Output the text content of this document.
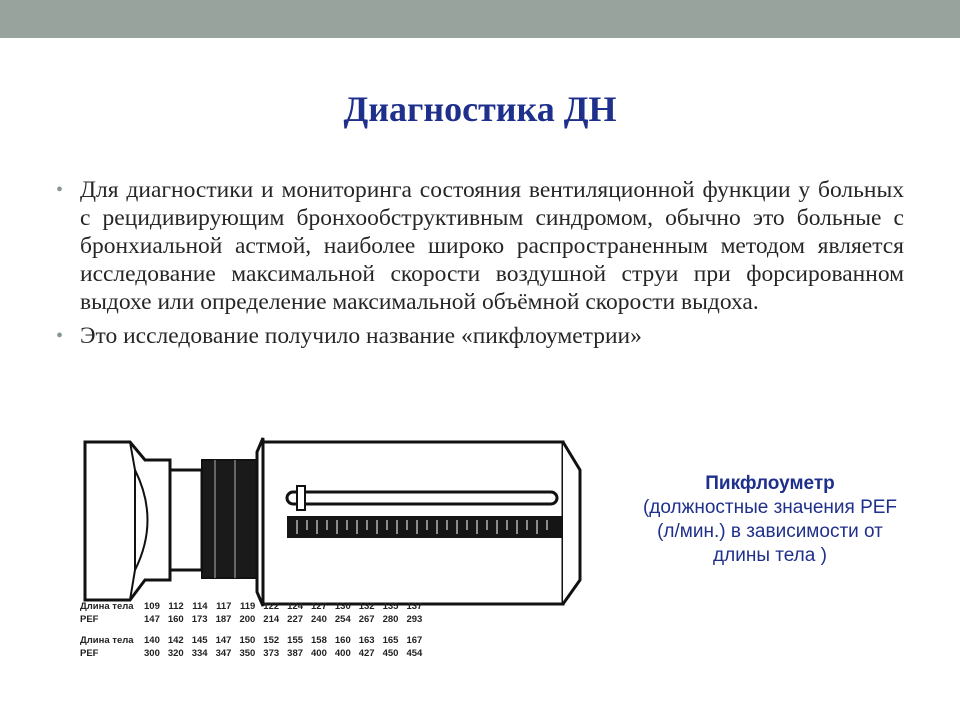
Диагностика ДН
• Для диагностики и мониторинга состояния вентиляционной функции у больных с рецидивирующим бронхообструктивным синдромом, обычно это больные с бронхиальной астмой, наиболее широко распространенным методом является исследование максимальной скорости воздушной струи при форсированном выдохе или определение максимальной объёмной скорости выдоха.
• Это исследование получило название «пикфлоуметрии»
Пикфлоуметр
(должностные значения PEF (л/мин.) в зависимости от длины тела )
Длина тела	109	112	114	117	119	122	124	127	130	132	135	137
PEF	147	160	173	187	200	214	227	240	254	267	280	293

Длина тела	140	142	145	147	150	152	155	158	160	163	165	167
PEF	300	320	334	347	350	373	387	400	400	427	450	454
